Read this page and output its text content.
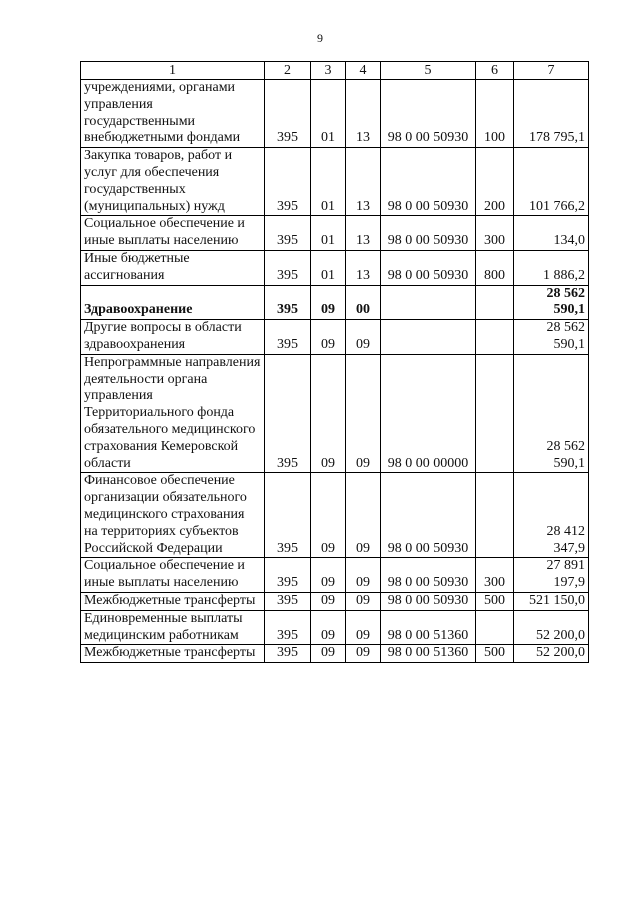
9
1	2	3	4	5	6	7
учреждениями, органами управления государственными внебюджетными фондами	395	01	13	98 0 00 50930	100	178 795,1
Закупка товаров, работ и услуг для обеспечения государственных (муниципальных) нужд	395	01	13	98 0 00 50930	200	101 766,2
Социальное обеспечение и иные выплаты населению	395	01	13	98 0 00 50930	300	134,0
Иные бюджетные ассигнования	395	01	13	98 0 00 50930	800	1 886,2
Здравоохранение	395	09	00			28 562 590,1
Другие вопросы в области здравоохранения	395	09	09			28 562 590,1
Непрограммные направления деятельности органа управления Территориального фонда обязательного медицинского страхования Кемеровской области	395	09	09	98 0 00 00000		28 562 590,1
Финансовое обеспечение организации обязательного медицинского страхования на территориях субъектов Российской Федерации	395	09	09	98 0 00 50930		28 412 347,9
Социальное обеспечение и иные выплаты населению	395	09	09	98 0 00 50930	300	27 891 197,9
Межбюджетные трансферты	395	09	09	98 0 00 50930	500	521 150,0
Единовременные выплаты медицинским работникам	395	09	09	98 0 00 51360		52 200,0
Межбюджетные трансферты	395	09	09	98 0 00 51360	500	52 200,0
